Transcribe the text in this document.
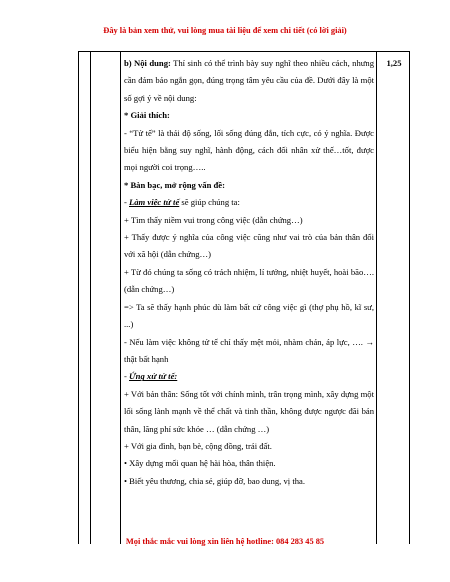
Đây là bản xem thử, vui lòng mua tài liệu để xem chi tiết (có lời giải)

b) Nội dung: Thí sinh có thể trình bày suy nghĩ theo nhiều cách, nhưng cần đảm bảo ngắn gọn, đúng trọng tâm yêu cầu của đề. Dưới đây là một số gợi ý về nội dung:

* Giải thích:

- “Tử tế” là thái độ sống, lối sống đúng đắn, tích cực, có ý nghĩa. Được biểu hiện bằng suy nghĩ, hành động, cách đối nhân xử thế…tốt, được mọi người coi trọng…..

* Bàn bạc, mở rộng vấn đề:

- Làm việc tử tế sẽ giúp chúng ta:

+ Tìm thấy niềm vui trong công việc (dẫn chứng…)

+ Thấy được ý nghĩa của công việc cũng như vai trò của bản thân đối với xã hội (dẫn chứng…)

+ Từ đó chúng ta sống có trách nhiệm, lí tưởng, nhiệt huyết, hoài bão…. (dẫn chứng…)

=> Ta sẽ thấy hạnh phúc dù làm bất cứ công việc gì (thợ phụ hồ, kĩ sư, ...)

- Nếu làm việc không tử tế chỉ thấy mệt mỏi, nhàm chán, áp lực, …. → thật bất hạnh

- Ứng xử tử tế:

+ Với bản thân: Sống tốt với chính mình, trân trọng mình, xây dựng một lối sống lành mạnh về thể chất và tinh thần, không được ngược đãi bản thân, lãng phí sức khỏe … (dẫn chứng …)

+ Với gia đình, bạn bè, cộng đồng, trái đất.

• Xây dựng mối quan hệ hài hòa, thân thiện.

• Biết yêu thương, chia sẻ, giúp đỡ, bao dung, vị tha.

1,25
Mọi thắc mắc vui lòng xin liên hệ hotline: 084 283 45 85
